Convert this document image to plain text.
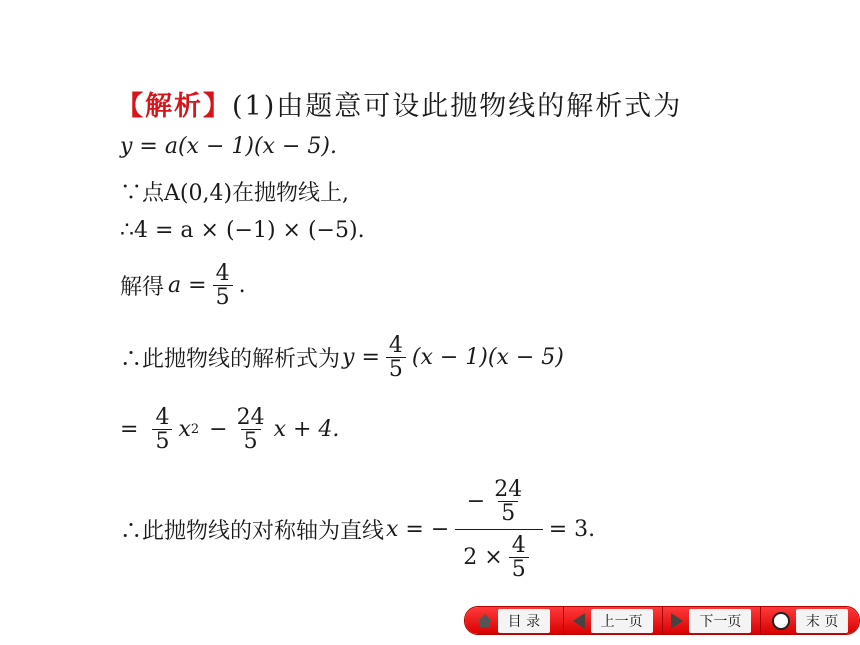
【解析】 (1)由题意可设此抛物线的解析式为
y = a(x − 1)(x − 5).
∵点A(0,4)在抛物线上,
∴4 = a × (−1) × (−5).
解得 $a = \frac{4}{5}$ .
∴此抛物线的解析式为 $y = \frac{4}{5} (x - 1)(x - 5)$
= $\frac{4}{5}$ x $2 - \frac{24}{5}$ x + 4.
∴此抛物线的对称轴为直线 x = − $\frac{- \frac{24}{5}}{2 \times \frac{4}{5}} = 3$.
目 录	上一页	下一页	末 页
